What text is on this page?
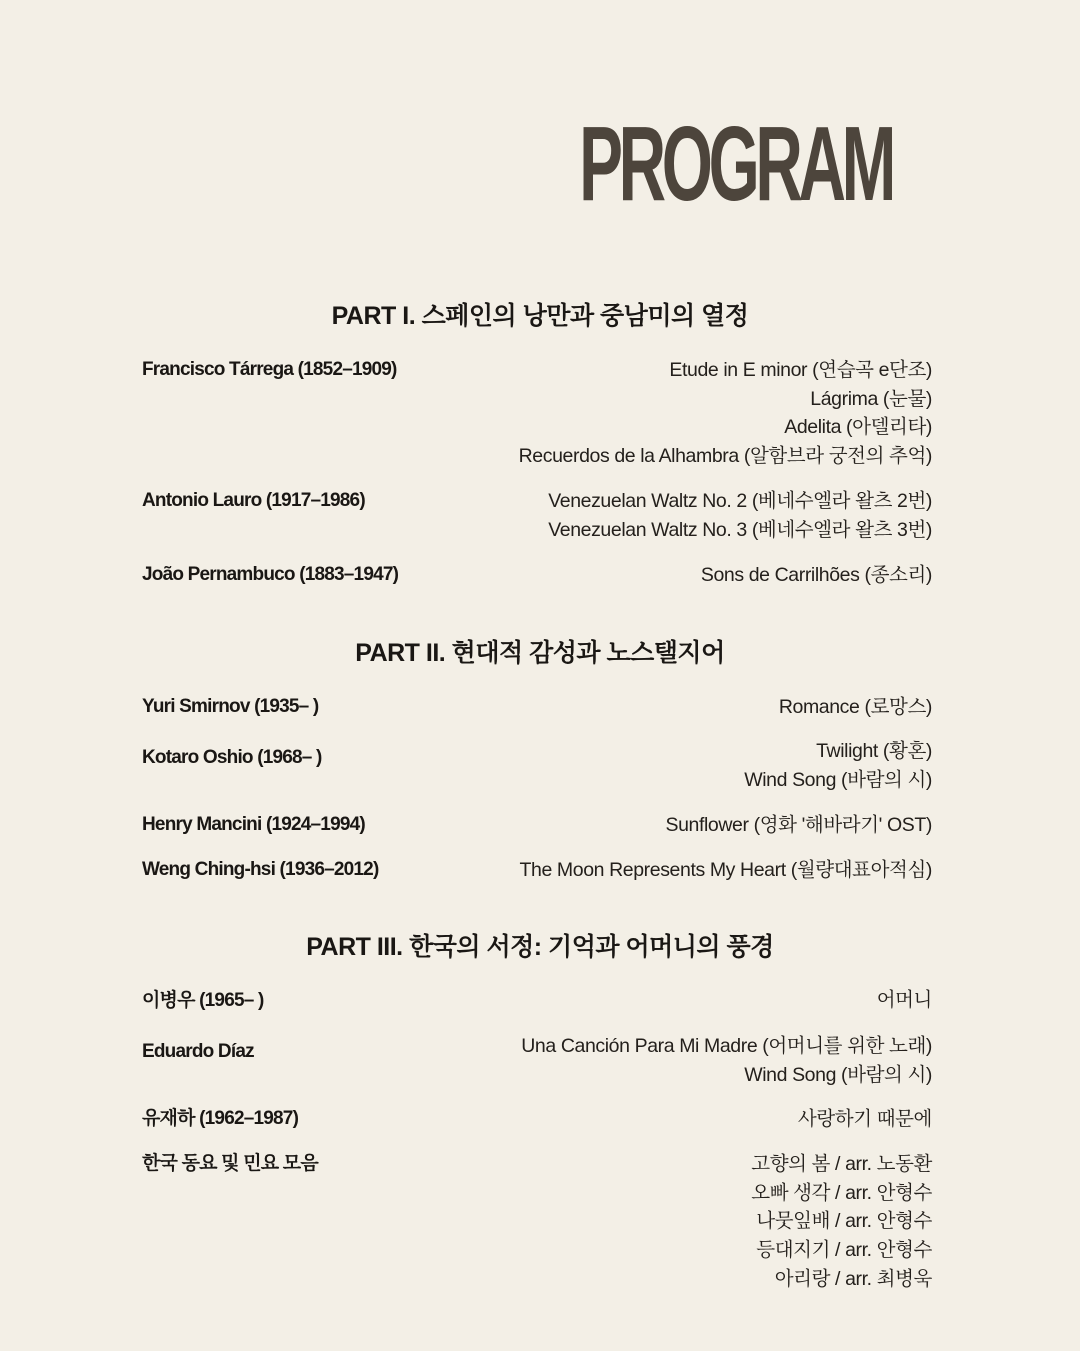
PROGRAM
PART I. 스페인의 낭만과 중남미의 열정
Francisco Tárrega (1852–1909)	Etude in E minor (연습곡 e단조)
Lágrima (눈물)
Adelita (아델리타)
Recuerdos de la Alhambra (알함브라 궁전의 추억)
Antonio Lauro (1917–1986)	Venezuelan Waltz No. 2 (베네수엘라 왈츠 2번)
Venezuelan Waltz No. 3 (베네수엘라 왈츠 3번)
João Pernambuco (1883–1947)	Sons de Carrilhões (종소리)
PART II. 현대적 감성과 노스탤지어
Yuri Smirnov (1935– )	Romance (로망스)
Kotaro Oshio (1968– )	Twilight (황혼)
Wind Song (바람의 시)
Henry Mancini (1924–1994)	Sunflower (영화 '해바라기' OST)
Weng Ching-hsi (1936–2012)	The Moon Represents My Heart (월량대표아적심)
PART III. 한국의 서정: 기억과 어머니의 풍경
이병우 (1965– )	어머니
Eduardo Díaz	Una Canción Para Mi Madre (어머니를 위한 노래)
Wind Song (바람의 시)
유재하 (1962–1987)	사랑하기 때문에
한국 동요 및 민요 모음	고향의 봄 / arr. 노동환
오빠 생각 / arr. 안형수
나뭇잎배 / arr. 안형수
등대지기 / arr. 안형수
아리랑 / arr. 최병욱
